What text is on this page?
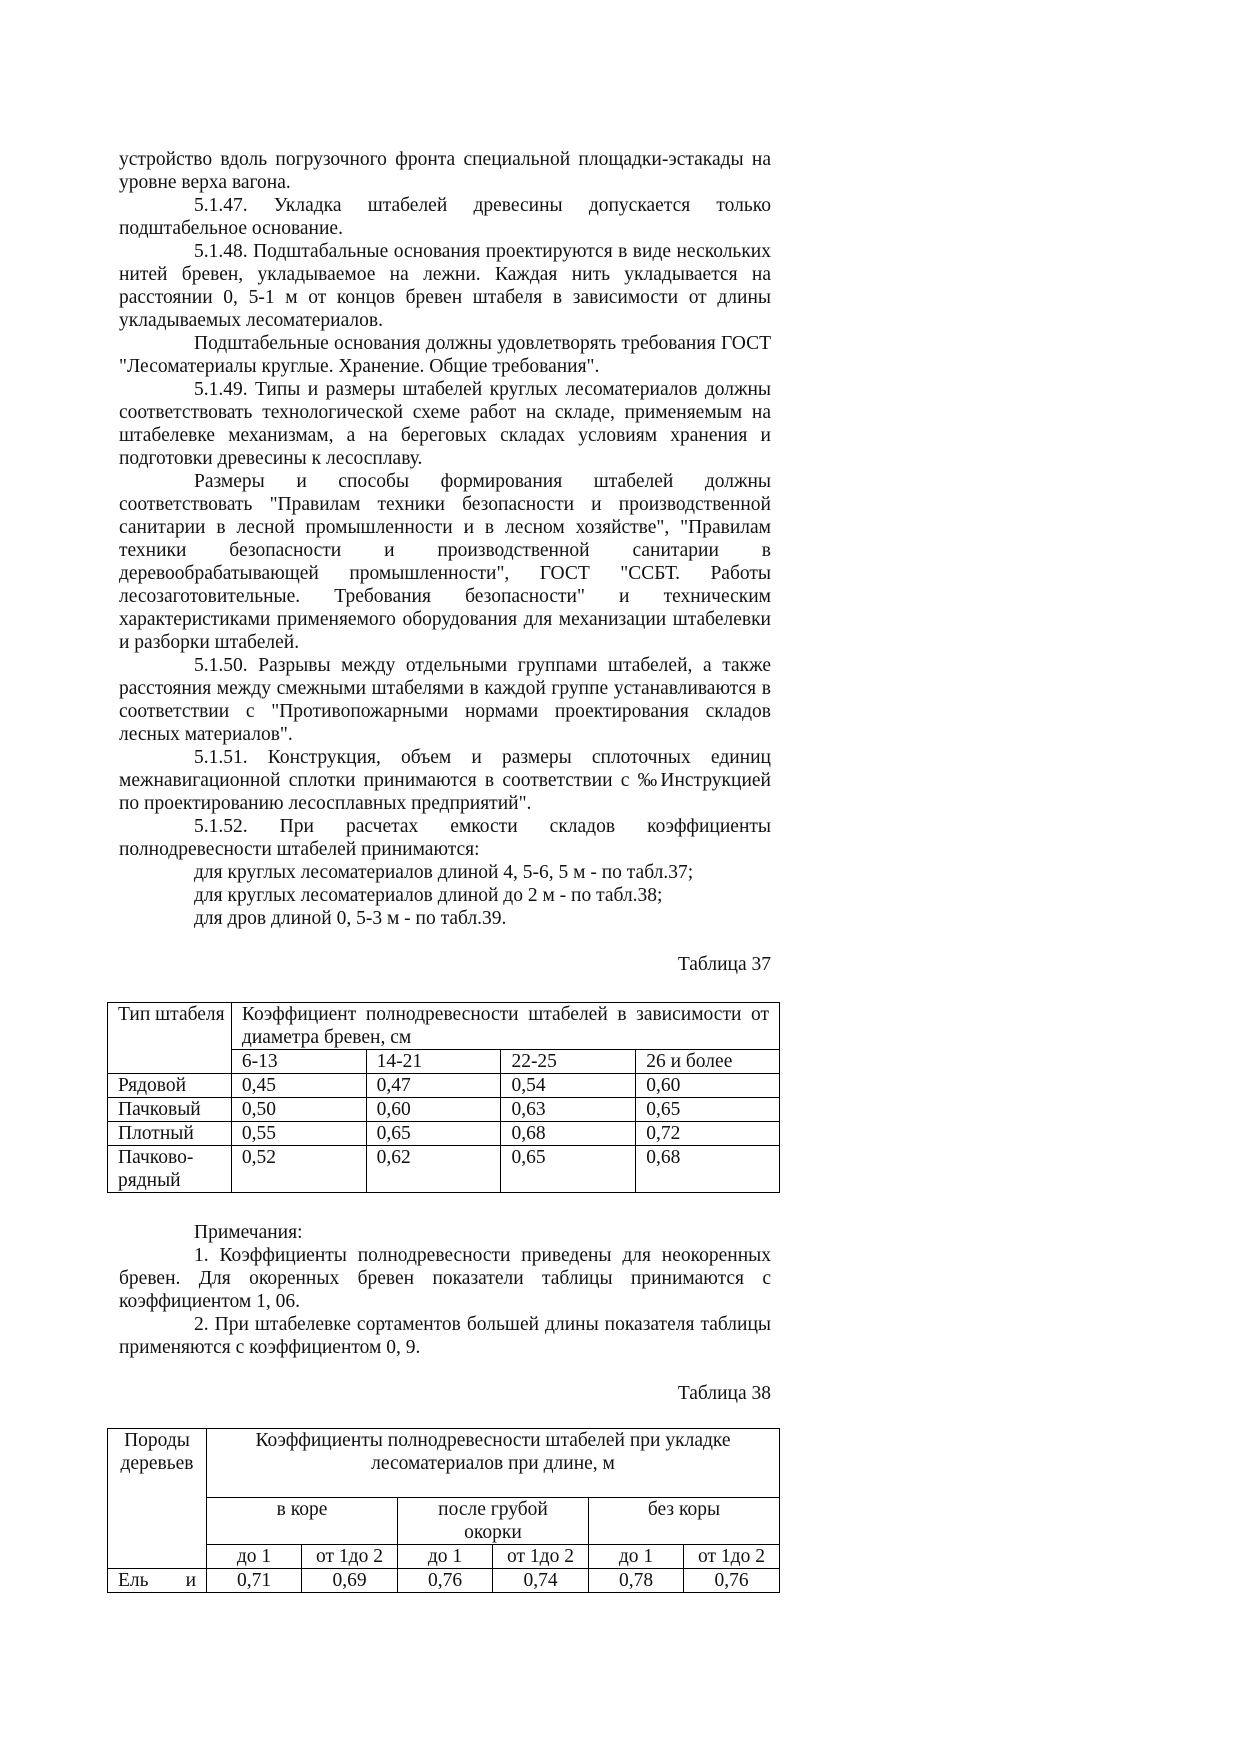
устройство вдоль погрузочного фронта специальной площадки-эстакады на уровне верха вагона.

5.1.47. Укладка штабелей древесины допускается только подштабельное основание.

5.1.48. Подштабальные основания проектируются в виде нескольких нитей бревен, укладываемое на лежни. Каждая нить укладывается на расстоянии 0, 5-1 м от концов бревен штабеля в зависимости от длины укладываемых лесоматериалов.

Подштабельные основания должны удовлетворять требования ГОСТ "Лесоматериалы круглые. Хранение. Общие требования".

5.1.49. Типы и размеры штабелей круглых лесоматериалов должны соответствовать технологической схеме работ на складе, применяемым на штабелевке механизмам, а на береговых складах условиям хранения и подготовки древесины к лесосплаву.

Размеры и способы формирования штабелей должны соответствовать "Правилам техники безопасности и производственной санитарии в лесной промышленности и в лесном хозяйстве", "Правилам техники безопасности и производственной санитарии в деревообрабатывающей промышленности", ГОСТ "ССБТ. Работы лесозаготовительные. Требования безопасности" и техническим характеристиками применяемого оборудования для механизации штабелевки и разборки штабелей.

5.1.50. Разрывы между отдельными группами штабелей, а также расстояния между смежными штабелями в каждой группе устанавливаются в соответствии с "Противопожарными нормами проектирования складов лесных материалов".

5.1.51. Конструкция, объем и размеры сплоточных единиц межнавигационной сплотки принимаются в соответствии с ‰Инструкцией по проектированию лесосплавных предприятий".

5.1.52. При расчетах емкости складов коэффициенты полнодревесности штабелей принимаются:

для круглых лесоматериалов длиной 4, 5-6, 5 м - по табл.37;

для круглых лесоматериалов длиной до 2 м - по табл.38;

для дров длиной 0, 5-3 м - по табл.39.

Таблица 37

Тип штабеля	Коэффициент полнодревесности штабелей в зависимости от диаметра бревен, см			
	6-13	14-21	22-25	26 и более
Рядовой	0,45	0,47	0,54	0,60
Пачковый	0,50	0,60	0,63	0,65
Плотный	0,55	0,65	0,68	0,72
Пачково-рядный	0,52	0,62	0,65	0,68

Примечания:

1. Коэффициенты полнодревесности приведены для неокоренных бревен. Для окоренных бревен показатели таблицы принимаются с коэффициентом 1, 06.

2. При штабелевке сортаментов большей длины показателя таблицы применяются с коэффициентом 0, 9.

Таблица 38

Породы деревьев	Коэффициенты полнодревесности штабелей при укладке лесоматериалов при длине, м					
	в коре		после грубой окорки		без коры	
	до 1	от 1до 2	до 1	от 1до 2	до 1	от 1до 2

Ель и	0,71	0,69	0,76	0,74	0,78	0,76
